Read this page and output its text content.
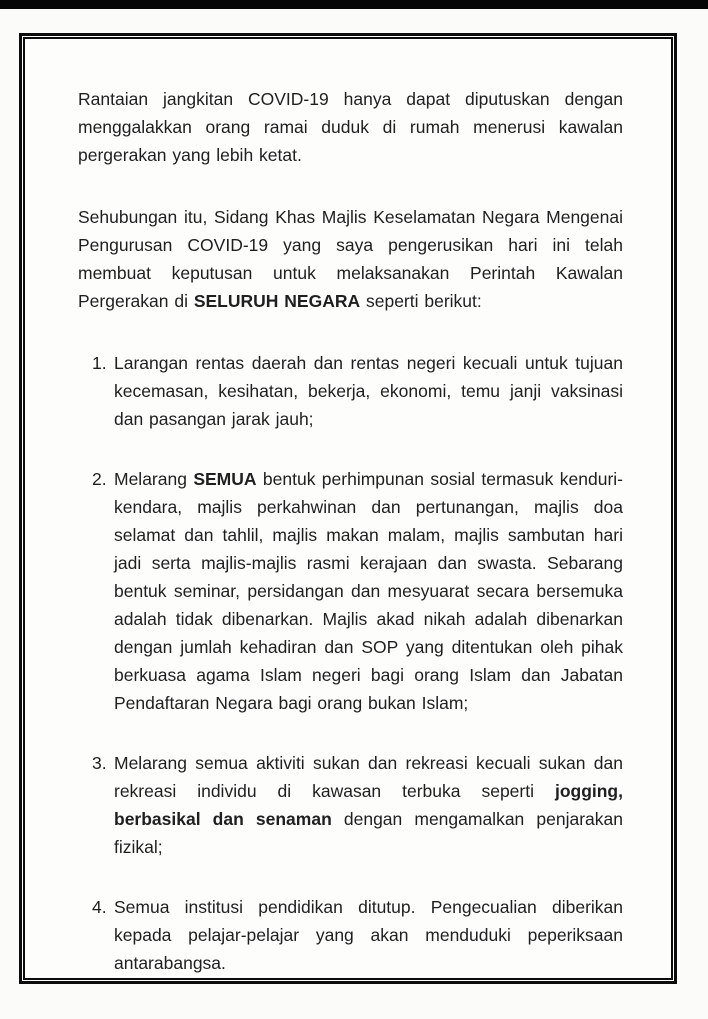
Rantaian jangkitan COVID-19 hanya dapat diputuskan dengan menggalakkan orang ramai duduk di rumah menerusi kawalan pergerakan yang lebih ketat.

Sehubungan itu, Sidang Khas Majlis Keselamatan Negara Mengenai Pengurusan COVID-19 yang saya pengerusikan hari ini telah membuat keputusan untuk melaksanakan Perintah Kawalan Pergerakan di SELURUH NEGARA seperti berikut:

1. Larangan rentas daerah dan rentas negeri kecuali untuk tujuan kecemasan, kesihatan, bekerja, ekonomi, temu janji vaksinasi dan pasangan jarak jauh;
2. Melarang SEMUA bentuk perhimpunan sosial termasuk kenduri-kendara, majlis perkahwinan dan pertunangan, majlis doa selamat dan tahlil, majlis makan malam, majlis sambutan hari jadi serta majlis-majlis rasmi kerajaan dan swasta. Sebarang bentuk seminar, persidangan dan mesyuarat secara bersemuka adalah tidak dibenarkan. Majlis akad nikah adalah dibenarkan dengan jumlah kehadiran dan SOP yang ditentukan oleh pihak berkuasa agama Islam negeri bagi orang Islam dan Jabatan Pendaftaran Negara bagi orang bukan Islam;
3. Melarang semua aktiviti sukan dan rekreasi kecuali sukan dan rekreasi individu di kawasan terbuka seperti jogging, berbasikal dan senaman dengan mengamalkan penjarakan fizikal;
4. Semua institusi pendidikan ditutup. Pengecualian diberikan kepada pelajar-pelajar yang akan menduduki peperiksaan antarabangsa.
